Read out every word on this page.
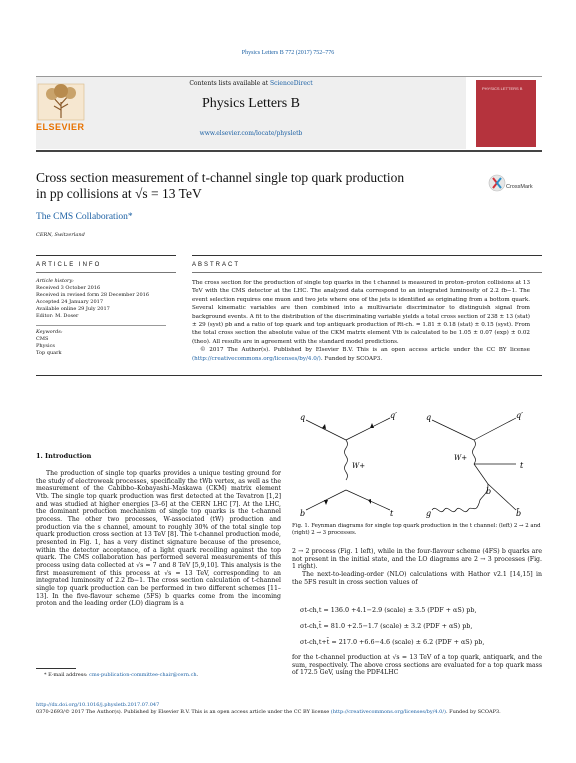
Physics Letters B 772 (2017) 752–776
ELSEVIER
Contents lists available at ScienceDirect
Physics Letters B
www.elsevier.com/locate/physletb
PHYSICS LETTERS B
Cross section measurement of t-channel single top quark production
in pp collisions at √s = 13 TeV	CrossMark
The CMS Collaboration*
CERN, Switzerland
ARTICLE INFO	ABSTRACT
Article history:
Received 3 October 2016
Received in revised form 28 December 2016
Accepted 24 January 2017
Available online 29 July 2017
Editor: M. Doser
Keywords:
CMS
Physics
Top quark
The cross section for the production of single top quarks in the t channel is measured in proton–proton collisions at 13 TeV with the CMS detector at the LHC. The analyzed data correspond to an integrated luminosity of 2.2 fb−1. The event selection requires one muon and two jets where one of the jets is identified as originating from a bottom quark. Several kinematic variables are then combined into a multivariate discriminator to distinguish signal from background events. A fit to the distribution of the discriminating variable yields a total cross section of 238 ± 13 (stat) ± 29 (syst) pb and a ratio of top quark and top antiquark production of Rt-ch. = 1.81 ± 0.18 (stat) ± 0.15 (syst). From the total cross section the absolute value of the CKM matrix element Vtb is calculated to be 1.05 ± 0.07 (exp) ± 0.02 (theo). All results are in agreement with the standard model predictions.
© 2017 The Author(s). Published by Elsevier B.V. This is an open access article under the CC BY license (http://creativecommons.org/licenses/by/4.0/). Funded by SCOAP3.
1. Introduction
The production of single top quarks provides a unique testing ground for the study of electroweak processes, specifically the tWb vertex, as well as the measurement of the Cabibbo–Kobayashi–Maskawa (CKM) matrix element Vtb. The single top quark production was first detected at the Tevatron [1,2] and was studied at higher energies [3–6] at the CERN LHC [7]. At the LHC, the dominant production mechanism of single top quarks is the t-channel process. The other two processes, W-associated (tW) production and production via the s channel, amount to roughly 30% of the total single top quark production cross section at 13 TeV [8]. The t-channel production mode, presented in Fig. 1, has a very distinct signature because of the presence, within the detector acceptance, of a light quark recoiling against the top quark. The CMS collaboration has performed several measurements of this process using data collected at √s = 7 and 8 TeV [5,9,10]. This analysis is the first measurement of this process at √s = 13 TeV, corresponding to an integrated luminosity of 2.2 fb−1. The cross section calculation of t-channel single top quark production can be performed in two different schemes [11–13]. In the five-flavour scheme (5FS) b quarks come from the incoming proton and the leading order (LO) diagram is a
q	q′
W+
b	t
q	q′
W+
t
b
g	b̄
Fig. 1. Feynman diagrams for single top quark production in the t channel: (left) 2 → 2 and (right) 2 → 3 processes.
2 → 2 process (Fig. 1 left), while in the four-flavour scheme (4FS) b quarks are not present in the initial state, and the LO diagrams are 2 → 3 processes (Fig. 1 right).
The next-to-leading-order (NLO) calculations with Hathor v2.1 [14,15] in the 5FS result in cross section values of
σt-ch,t = 136.0 +4.1−2.9 (scale) ± 3.5 (PDF + αS) pb,
σt-ch,t̄ = 81.0 +2.5−1.7 (scale) ± 3.2 (PDF + αS) pb,
σt-ch,t+t̄ = 217.0 +6.6−4.6 (scale) ± 6.2 (PDF + αS) pb,
for the t-channel production at √s = 13 TeV of a top quark, antiquark, and the sum, respectively. The above cross sections are evaluated for a top quark mass of 172.5 GeV, using the PDF4LHC
* E-mail address: cms-publication-committee-chair@cern.ch.
http://dx.doi.org/10.1016/j.physletb.2017.07.047
0370-2693/© 2017 The Author(s). Published by Elsevier B.V. This is an open access article under the CC BY license (http://creativecommons.org/licenses/by/4.0/). Funded by SCOAP3.
